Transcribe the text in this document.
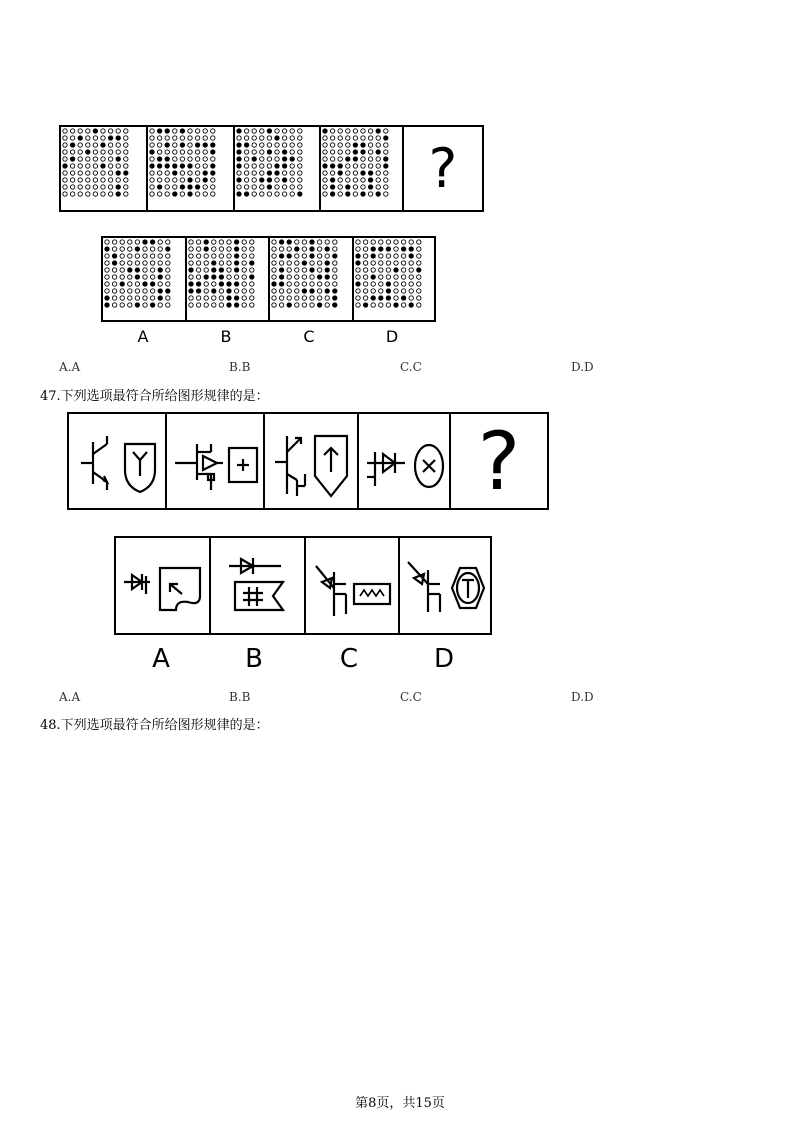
?
A	B	C	D
A.A	B.B	C.C	D.D
47.下列选项最符合所给图形规律的是：
?
A	B	C	D
A.A	B.B	C.C	D.D
48.下列选项最符合所给图形规律的是：
第8页，共15页
